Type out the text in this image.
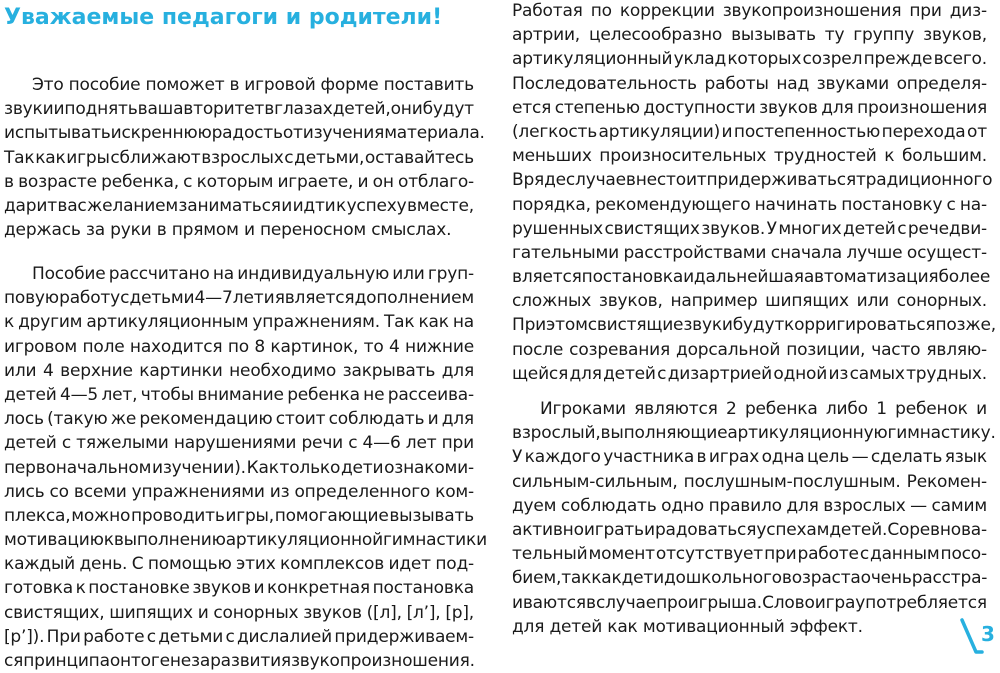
Уважаемые педагоги и родители!
Это пособие поможет в игровой форме поставить
звуки и поднять ваш авторитет в глазах детей, они будут
испытывать искреннюю радость от изучения материала.
Так как игры сближают взрослых с детьми, оставайтесь
в возрасте ребенка, с которым играете, и он отблаго-
дарит вас желанием заниматься и идти к успеху вместе,
держась за руки в прямом и переносном смыслах.
Пособие рассчитано на индивидуальную или груп-
повую работу с детьми 4—7 лет и является дополнением
к другим артикуляционным упражнениям. Так как на
игровом поле находится по 8 картинок, то 4 нижние
или 4 верхние картинки необходимо закрывать для
детей 4—5 лет, чтобы внимание ребенка не рассеива-
лось (такую же рекомендацию стоит соблюдать и для
детей с тяжелыми нарушениями речи с 4—6 лет при
первоначальном изучении). Как только дети ознакоми-
лись со всеми упражнениями из определенного ком-
плекса, можно проводить игры, помогающие вызывать
мотивацию к выполнению артикуляционной гимнастики
каждый день. С помощью этих комплексов идет под-
готовка к постановке звуков и конкретная постановка
свистящих, шипящих и сонорных звуков ([л], [л’], [р],
[р’]). При работе с детьми с дислалией придерживаем-
ся принципа онтогенеза развития звукопроизношения.
Работая по коррекции звукопроизношения при диз-
артрии, целесообразно вызывать ту группу звуков,
артикуляционный уклад которых созрел прежде всего.
Последовательность работы над звуками определя-
ется степенью доступности звуков для произношения
(легкость артикуляции) и постепенностью перехода от
меньших произносительных трудностей к большим.
В ряде случаев не стоит придерживаться традиционного
порядка, рекомендующего начинать постановку с на-
рушенных свистящих звуков. У многих детей с речедви-
гательными расстройствами сначала лучше осущест-
вляется постановка и дальнейшая автоматизация более
сложных звуков, например шипящих или сонорных.
При этом свистящие звуки будут корригироваться позже,
после созревания дорсальной позиции, часто являю-
щейся для детей с дизартрией одной из самых трудных.
Игроками являются 2 ребенка либо 1 ребенок и
взрослый, выполняющие артикуляционную гимнастику.
У каждого участника в играх одна цель — сделать язык
сильным-сильным, послушным-послушным. Рекомен-
дуем соблюдать одно правило для взрослых — самим
активно играть и радоваться успехам детей. Соревнова-
тельный момент отсутствует при работе с данным посо-
бием, так как дети дошкольного возраста очень расстра-
иваются в случае проигрыша. Слово игра употребляется
для детей как мотивационный эффект.	3
